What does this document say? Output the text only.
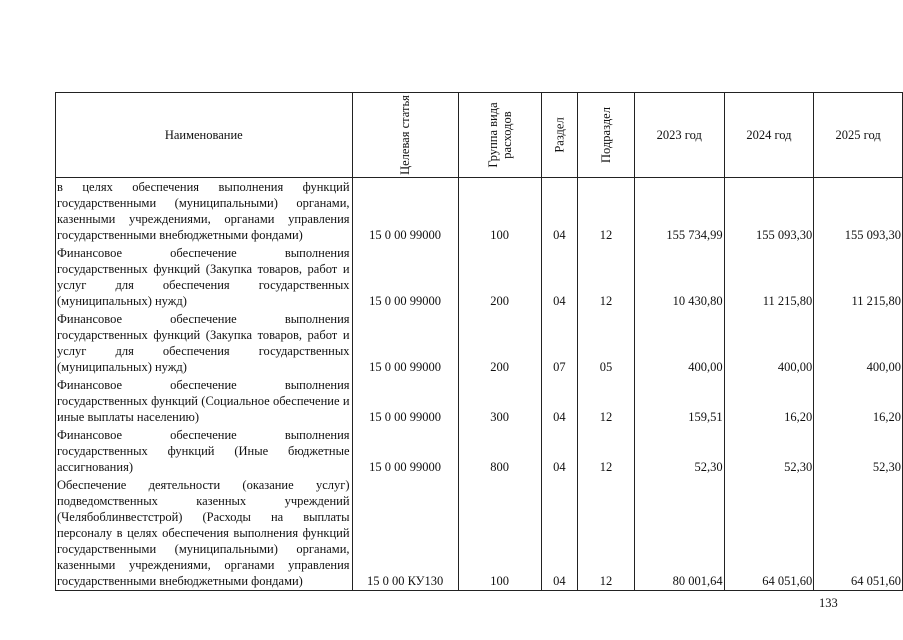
Наименование	Целевая статья	Группа вида расходов	Раздел	Подраздел	2023 год	2024 год	2025 год
в целях обеспечения выполнения функций государственными (муниципальными) органами, казенными учреждениями, органами управления государственными внебюджетными фондами)	15 0 00 99000	100	04	12	155 734,99	155 093,30	155 093,30
Финансовое обеспечение выполнения государственных функций (Закупка товаров, работ и услуг для обеспечения государственных (муниципальных) нужд)	15 0 00 99000	200	04	12	10 430,80	11 215,80	11 215,80
Финансовое обеспечение выполнения государственных функций (Закупка товаров, работ и услуг для обеспечения государственных (муниципальных) нужд)	15 0 00 99000	200	07	05	400,00	400,00	400,00
Финансовое обеспечение выполнения государственных функций (Социальное обеспечение и иные выплаты населению)	15 0 00 99000	300	04	12	159,51	16,20	16,20
Финансовое обеспечение выполнения государственных функций (Иные бюджетные ассигнования)	15 0 00 99000	800	04	12	52,30	52,30	52,30
Обеспечение деятельности (оказание услуг) подведомственных казенных учреждений (Челябоблинвестстрой) (Расходы на выплаты персоналу в целях обеспечения выполнения функций государственными (муниципальными) органами, казенными учреждениями, органами управления государственными внебюджетными фондами)	15 0 00 КУ130	100	04	12	80 001,64	64 051,60	64 051,60
133
